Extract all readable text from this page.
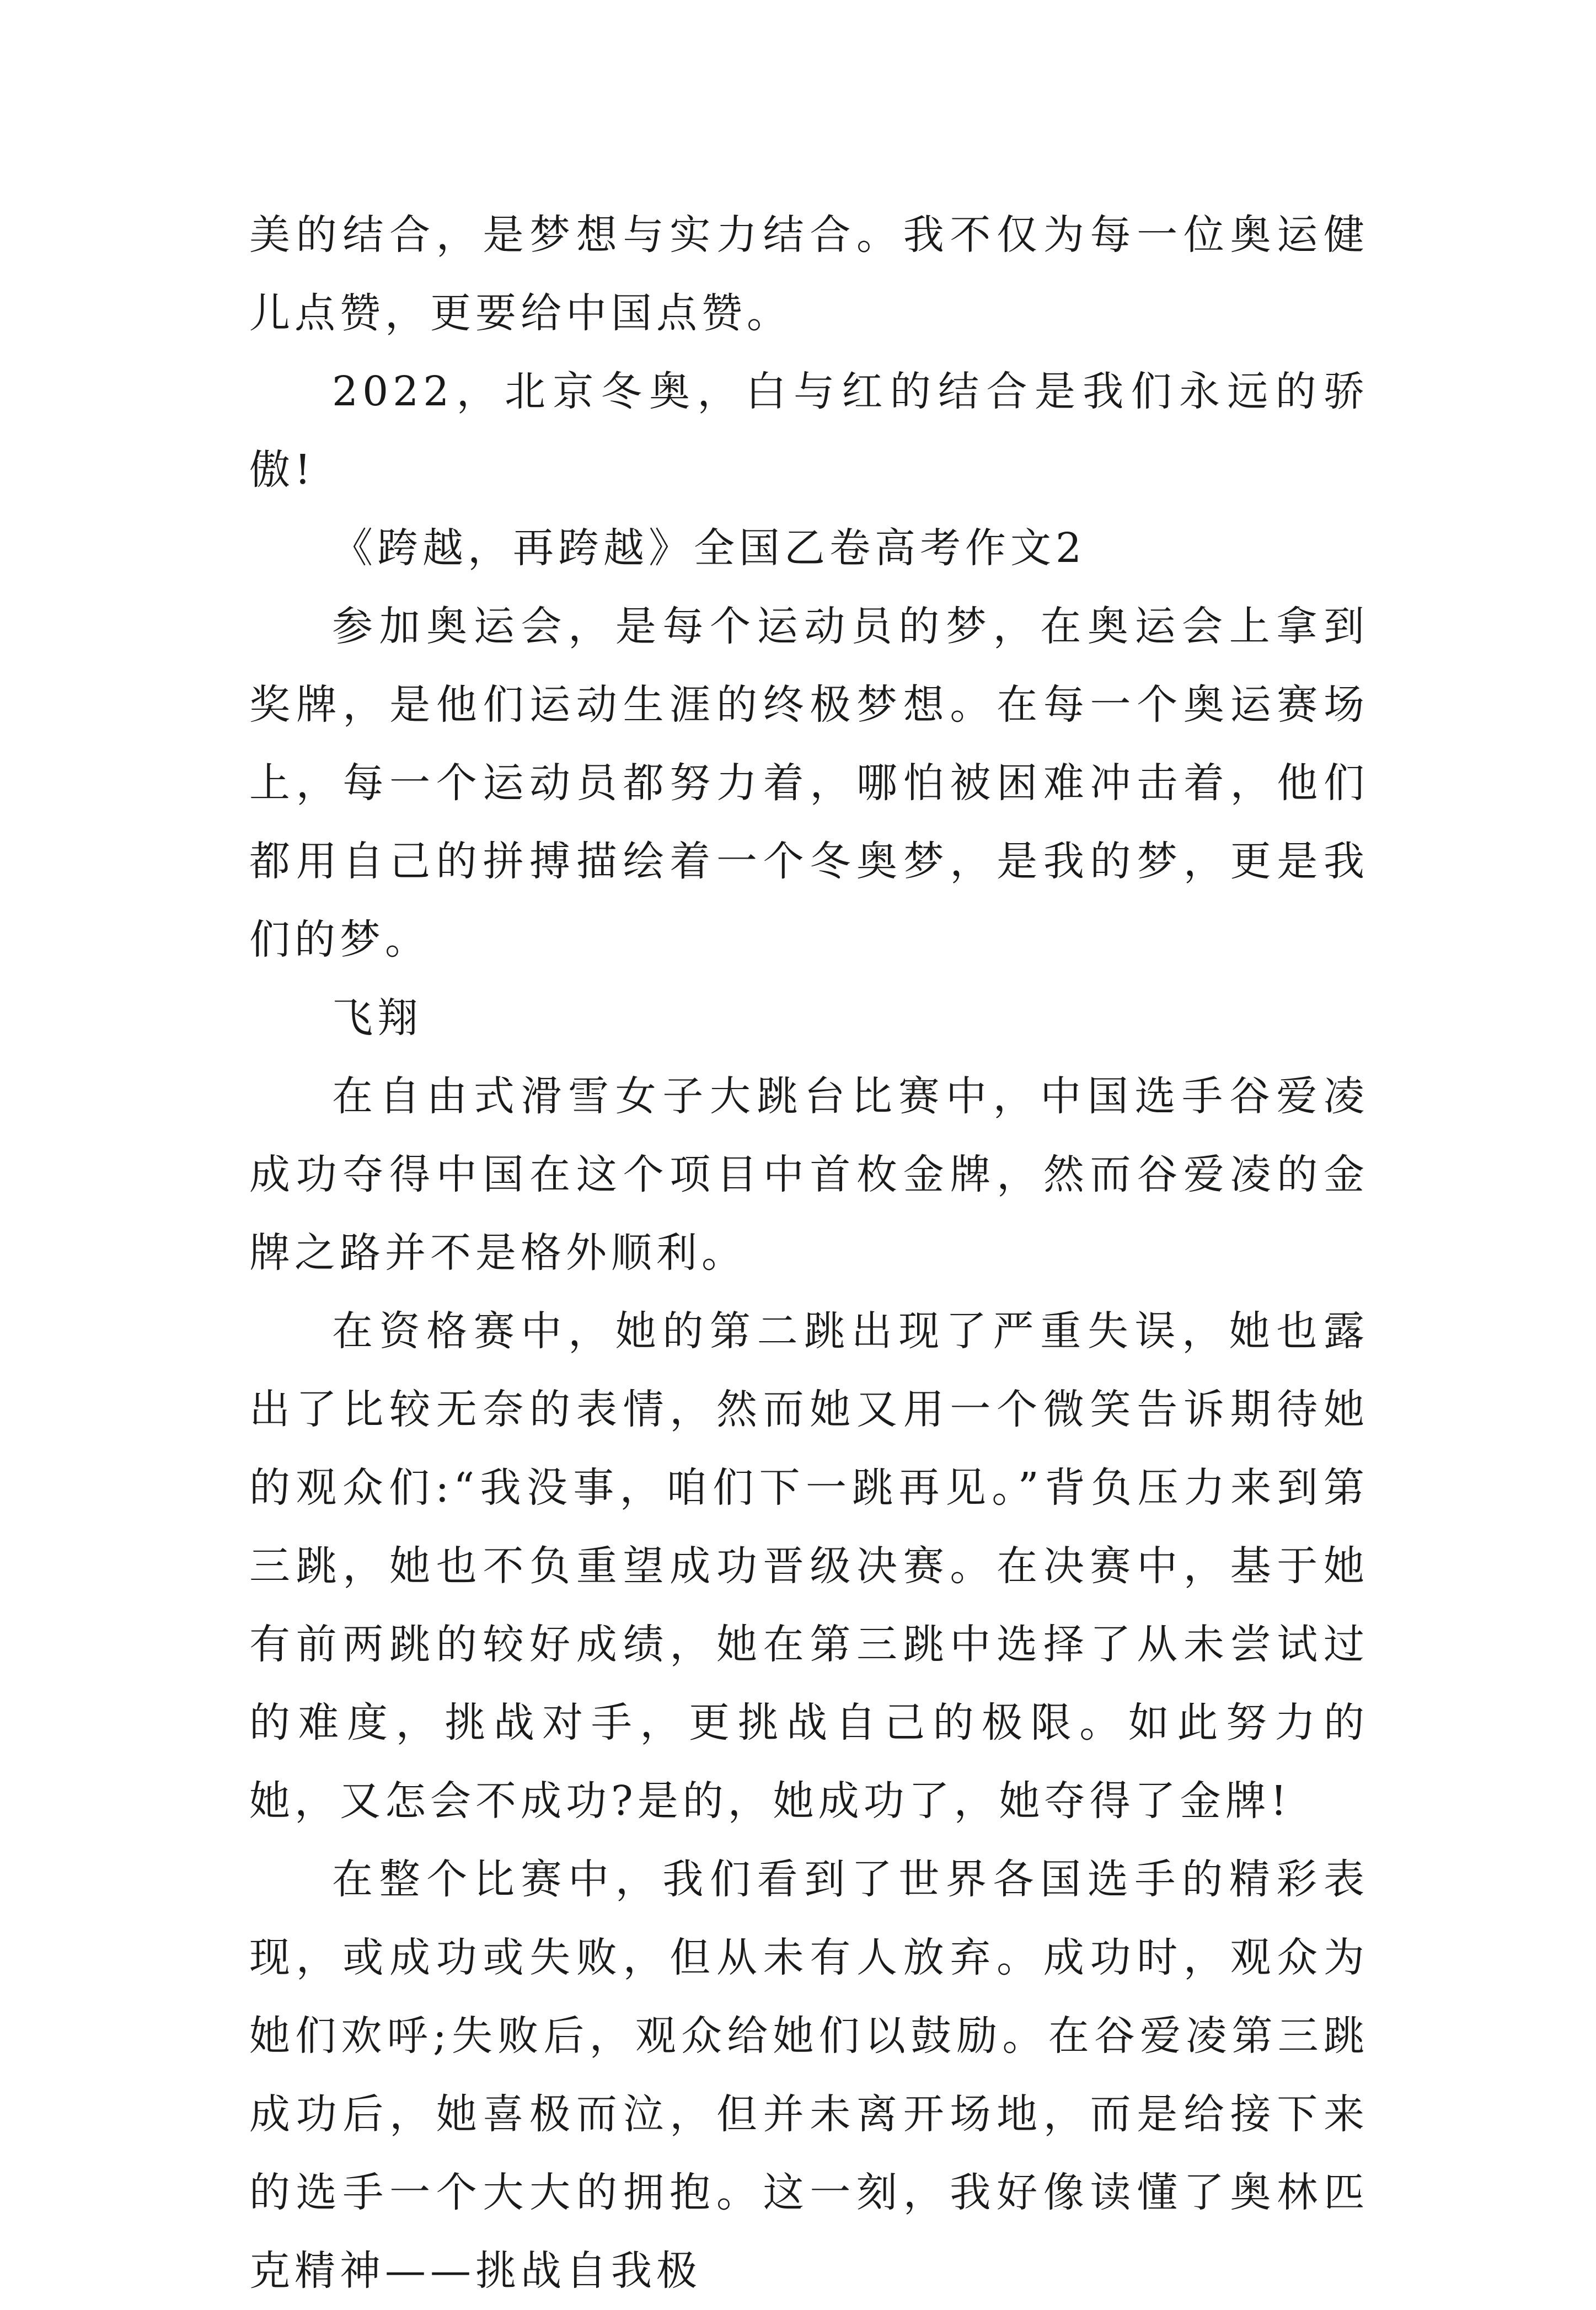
美的结合，是梦想与实力结合。我不仅为每一位奥运健儿点赞，更要给中国点赞。

2022，北京冬奥，白与红的结合是我们永远的骄傲!

《跨越，再跨越》全国乙卷高考作文2

参加奥运会，是每个运动员的梦，在奥运会上拿到奖牌，是他们运动生涯的终极梦想。在每一个奥运赛场上，每一个运动员都努力着，哪怕被困难冲击着，他们都用自己的拼搏描绘着一个冬奥梦，是我的梦，更是我们的梦。

飞翔

在自由式滑雪女子大跳台比赛中，中国选手谷爱凌成功夺得中国在这个项目中首枚金牌，然而谷爱凌的金牌之路并不是格外顺利。

在资格赛中，她的第二跳出现了严重失误，她也露出了比较无奈的表情，然而她又用一个微笑告诉期待她的观众们:“我没事，咱们下一跳再见。”背负压力来到第三跳，她也不负重望成功晋级决赛。在决赛中，基于她有前两跳的较好成绩，她在第三跳中选择了从未尝试过的难度，挑战对手，更挑战自己的极限。如此努力的她，又怎会不成功?是的，她成功了，她夺得了金牌!

在整个比赛中，我们看到了世界各国选手的精彩表现，或成功或失败，但从未有人放弃。成功时，观众为她们欢呼;失败后，观众给她们以鼓励。在谷爱凌第三跳成功后，她喜极而泣，但并未离开场地，而是给接下来的选手一个大大的拥抱。这一刻，我好像读懂了奥林匹克精神——挑战自我极
